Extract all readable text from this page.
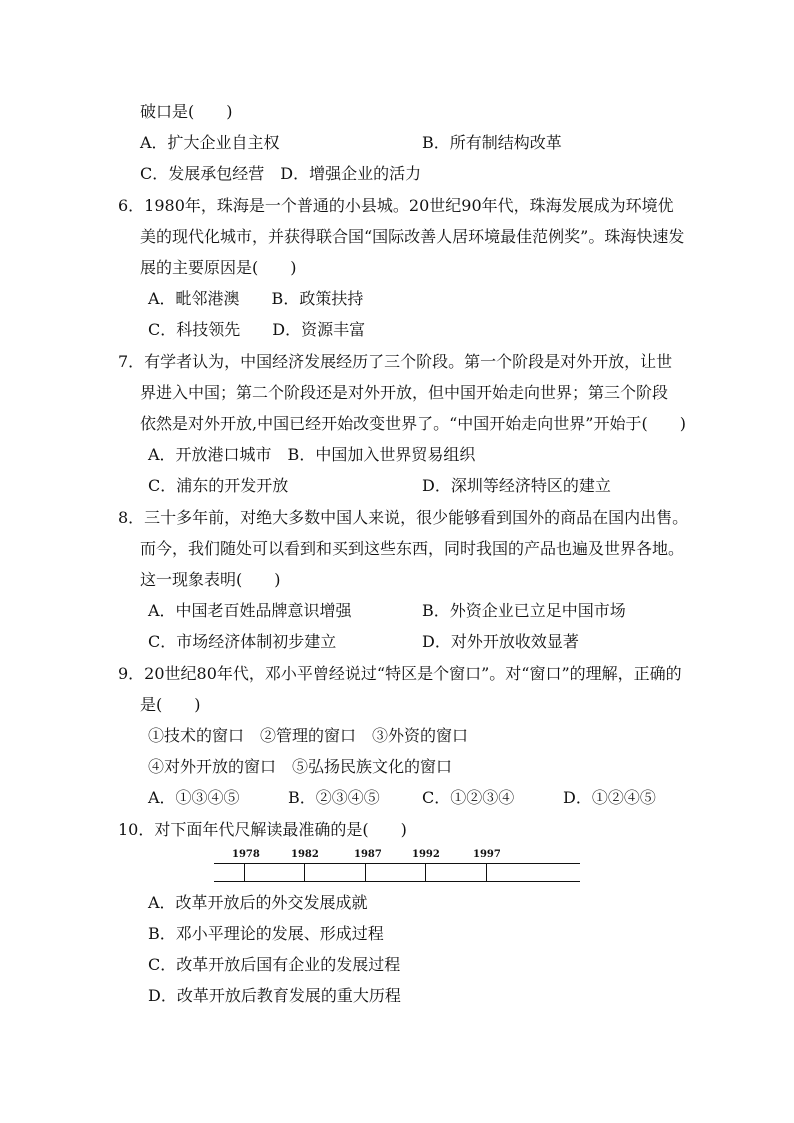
破口是(　　)
A．扩大企业自主权	B．所有制结构改革
C．发展承包经营　D．增强企业的活力
6．1980年，珠海是一个普通的小县城。20世纪90年代，珠海发展成为环境优
美的现代化城市，并获得联合国“国际改善人居环境最佳范例奖”。珠海快速发
展的主要原因是(　　)
A．毗邻港澳　　B．政策扶持
C．科技领先　　D．资源丰富
7．有学者认为，中国经济发展经历了三个阶段。第一个阶段是对外开放，让世
界进入中国；第二个阶段还是对外开放，但中国开始走向世界；第三个阶段
依然是对外开放,中国已经开始改变世界了。“中国开始走向世界”开始于(　　)
A．开放港口城市　B．中国加入世界贸易组织
C．浦东的开发开放	D．深圳等经济特区的建立
8．三十多年前，对绝大多数中国人来说，很少能够看到国外的商品在国内出售。
而今，我们随处可以看到和买到这些东西，同时我国的产品也遍及世界各地。
这一现象表明(　　)
A．中国老百姓品牌意识增强	B．外资企业已立足中国市场
C．市场经济体制初步建立	D．对外开放收效显著
9．20世纪80年代，邓小平曾经说过“特区是个窗口”。对“窗口”的理解，正确的
是(　　)
①技术的窗口　②管理的窗口　③外资的窗口
④对外开放的窗口　⑤弘扬民族文化的窗口
A．①③④⑤	B．②③④⑤	C．①②③④	D．①②④⑤
10．对下面年代尺解读最准确的是(　　)
1978	1982	1987	1992	1997
A．改革开放后的外交发展成就
B．邓小平理论的发展、形成过程
C．改革开放后国有企业的发展过程
D．改革开放后教育发展的重大历程
